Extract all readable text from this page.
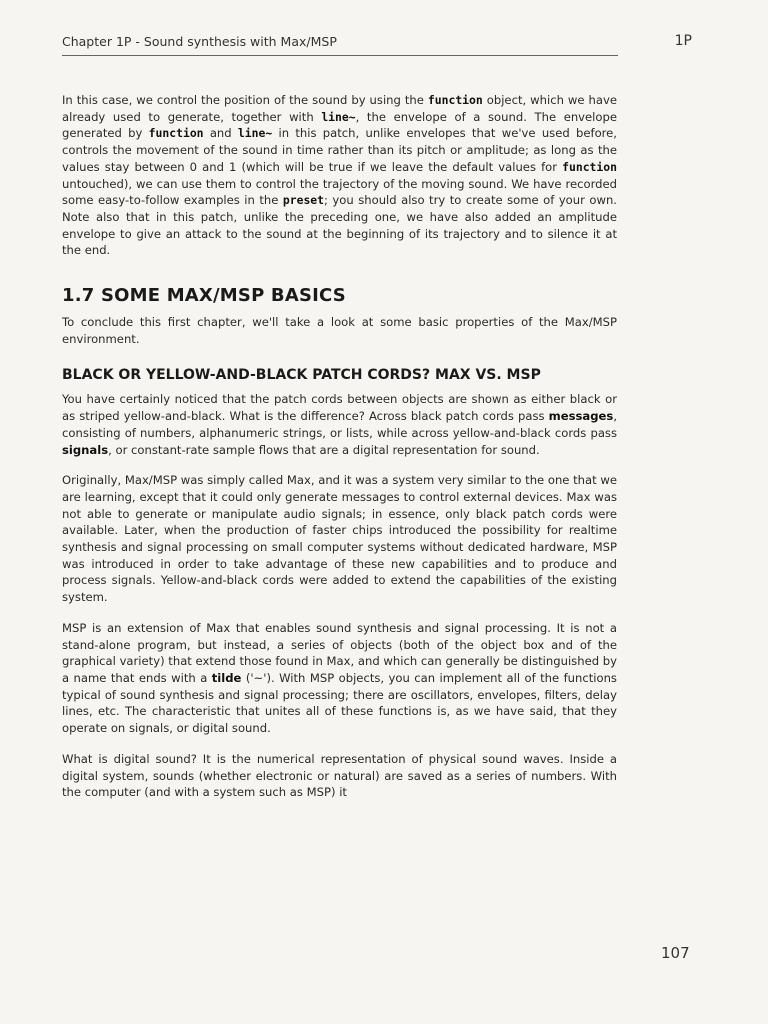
Chapter 1P - Sound synthesis with Max/MSP	1P

In this case, we control the position of the sound by using the function object, which we have already used to generate, together with line~, the envelope of a sound. The envelope generated by function and line~ in this patch, unlike envelopes that we've used before, controls the movement of the sound in time rather than its pitch or amplitude; as long as the values stay between 0 and 1 (which will be true if we leave the default values for function untouched), we can use them to control the trajectory of the moving sound. We have recorded some easy-to-follow examples in the preset; you should also try to create some of your own. Note also that in this patch, unlike the preceding one, we have also added an amplitude envelope to give an attack to the sound at the beginning of its trajectory and to silence it at the end.

1.7 SOME MAX/MSP BASICS

To conclude this first chapter, we'll take a look at some basic properties of the Max/MSP environment.

BLACK OR YELLOW-AND-BLACK PATCH CORDS? MAX VS. MSP

You have certainly noticed that the patch cords between objects are shown as either black or as striped yellow-and-black. What is the difference? Across black patch cords pass messages, consisting of numbers, alphanumeric strings, or lists, while across yellow-and-black cords pass signals, or constant-rate sample flows that are a digital representation for sound.

Originally, Max/MSP was simply called Max, and it was a system very similar to the one that we are learning, except that it could only generate messages to control external devices. Max was not able to generate or manipulate audio signals; in essence, only black patch cords were available. Later, when the production of faster chips introduced the possibility for realtime synthesis and signal processing on small computer systems without dedicated hardware, MSP was introduced in order to take advantage of these new capabilities and to produce and process signals. Yellow-and-black cords were added to extend the capabilities of the existing system.

MSP is an extension of Max that enables sound synthesis and signal processing. It is not a stand-alone program, but instead, a series of objects (both of the object box and of the graphical variety) that extend those found in Max, and which can generally be distinguished by a name that ends with a tilde ('~'). With MSP objects, you can implement all of the functions typical of sound synthesis and signal processing; there are oscillators, envelopes, filters, delay lines, etc. The characteristic that unites all of these functions is, as we have said, that they operate on signals, or digital sound.

What is digital sound? It is the numerical representation of physical sound waves. Inside a digital system, sounds (whether electronic or natural) are saved as a series of numbers. With the computer (and with a system such as MSP) it

107
